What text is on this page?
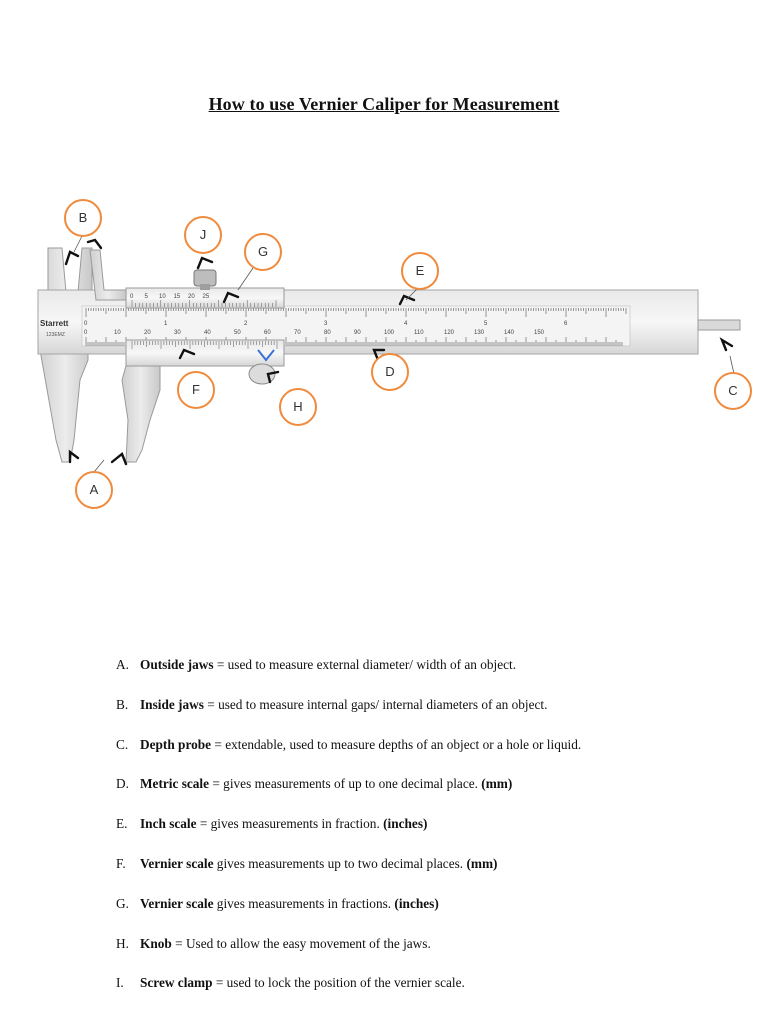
How to use Vernier Caliper for Measurement
0	10	20	30	40	50	60	70	80	90	100	110	120	130	140	150
0	1	2	3	4	5	6
Starrett
123EMZ
0 5 10 15 20 25
B
J
G
E
D
F
H
C
A
A. Outside jaws = used to measure external diameter/ width of an object.
B. Inside jaws = used to measure internal gaps/ internal diameters of an object.
C. Depth probe = extendable, used to measure depths of an object or a hole or liquid.
D. Metric scale = gives measurements of up to one decimal place. (mm)
E. Inch scale = gives measurements in fraction. (inches)
F. Vernier scale gives measurements up to two decimal places. (mm)
G. Vernier scale gives measurements in fractions. (inches)
H. Knob = Used to allow the easy movement of the jaws.
I. Screw clamp = used to lock the position of the vernier scale.
